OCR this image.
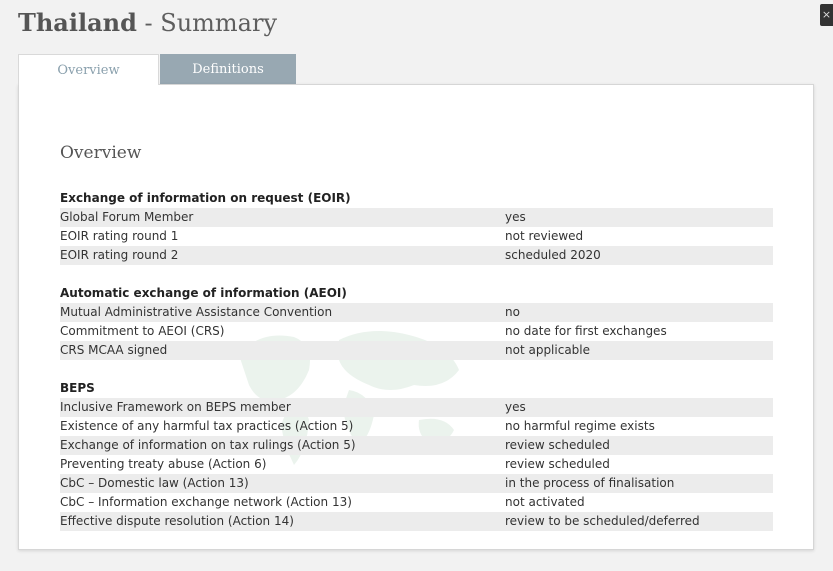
Thailand - Summary	×
Overview	Definitions
Overview
Exchange of information on request (EOIR)
Global Forum Member	yes
EOIR rating round 1	not reviewed
EOIR rating round 2	scheduled 2020
Automatic exchange of information (AEOI)
Mutual Administrative Assistance Convention	no
Commitment to AEOI (CRS)	no date for first exchanges
CRS MCAA signed	not applicable
BEPS
Inclusive Framework on BEPS member	yes
Existence of any harmful tax practices (Action 5)	no harmful regime exists
Exchange of information on tax rulings (Action 5)	review scheduled
Preventing treaty abuse (Action 6)	review scheduled
CbC – Domestic law (Action 13)	in the process of finalisation
CbC – Information exchange network (Action 13)	not activated
Effective dispute resolution (Action 14)	review to be scheduled/deferred
